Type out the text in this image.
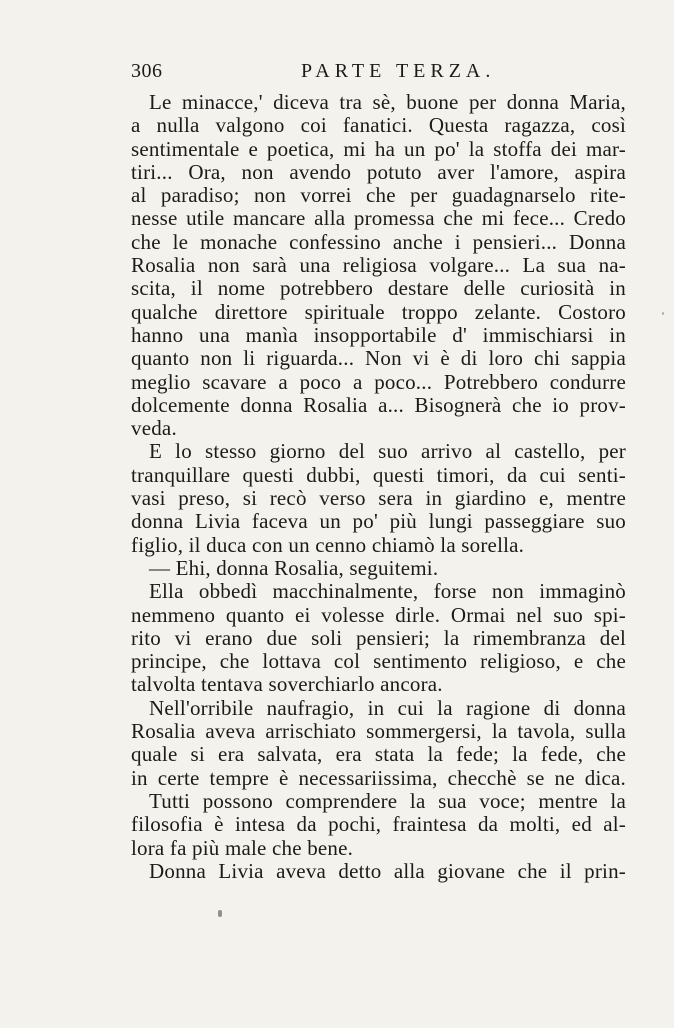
306	PARTE TERZA.
Le minacce,' diceva tra sè, buone per donna Maria,
a nulla valgono coi fanatici. Questa ragazza, così
sentimentale e poetica, mi ha un po' la stoffa dei mar-
tiri... Ora, non avendo potuto aver l'amore, aspira
al paradiso; non vorrei che per guadagnarselo rite-
nesse utile mancare alla promessa che mi fece... Credo
che le monache confessino anche i pensieri... Donna
Rosalia non sarà una religiosa volgare... La sua na-
scita, il nome potrebbero destare delle curiosità in
qualche direttore spirituale troppo zelante. Costoro
hanno una manìa insopportabile d' immischiarsi in
quanto non li riguarda... Non vi è di loro chi sappia
meglio scavare a poco a poco... Potrebbero condurre
dolcemente donna Rosalia a... Bisognerà che io prov-
veda.
E lo stesso giorno del suo arrivo al castello, per
tranquillare questi dubbi, questi timori, da cui senti-
vasi preso, si recò verso sera in giardino e, mentre
donna Livia faceva un po' più lungi passeggiare suo
figlio, il duca con un cenno chiamò la sorella.
— Ehi, donna Rosalia, seguitemi.
Ella obbedì macchinalmente, forse non immaginò
nemmeno quanto ei volesse dirle. Ormai nel suo spi-
rito vi erano due soli pensieri; la rimembranza del
principe, che lottava col sentimento religioso, e che
talvolta tentava soverchiarlo ancora.
Nell'orribile naufragio, in cui la ragione di donna
Rosalia aveva arrischiato sommergersi, la tavola, sulla
quale si era salvata, era stata la fede; la fede, che
in certe tempre è necessariissima, checchè se ne dica.
Tutti possono comprendere la sua voce; mentre la
filosofia è intesa da pochi, fraintesa da molti, ed al-
lora fa più male che bene.
Donna Livia aveva detto alla giovane che il prin-
